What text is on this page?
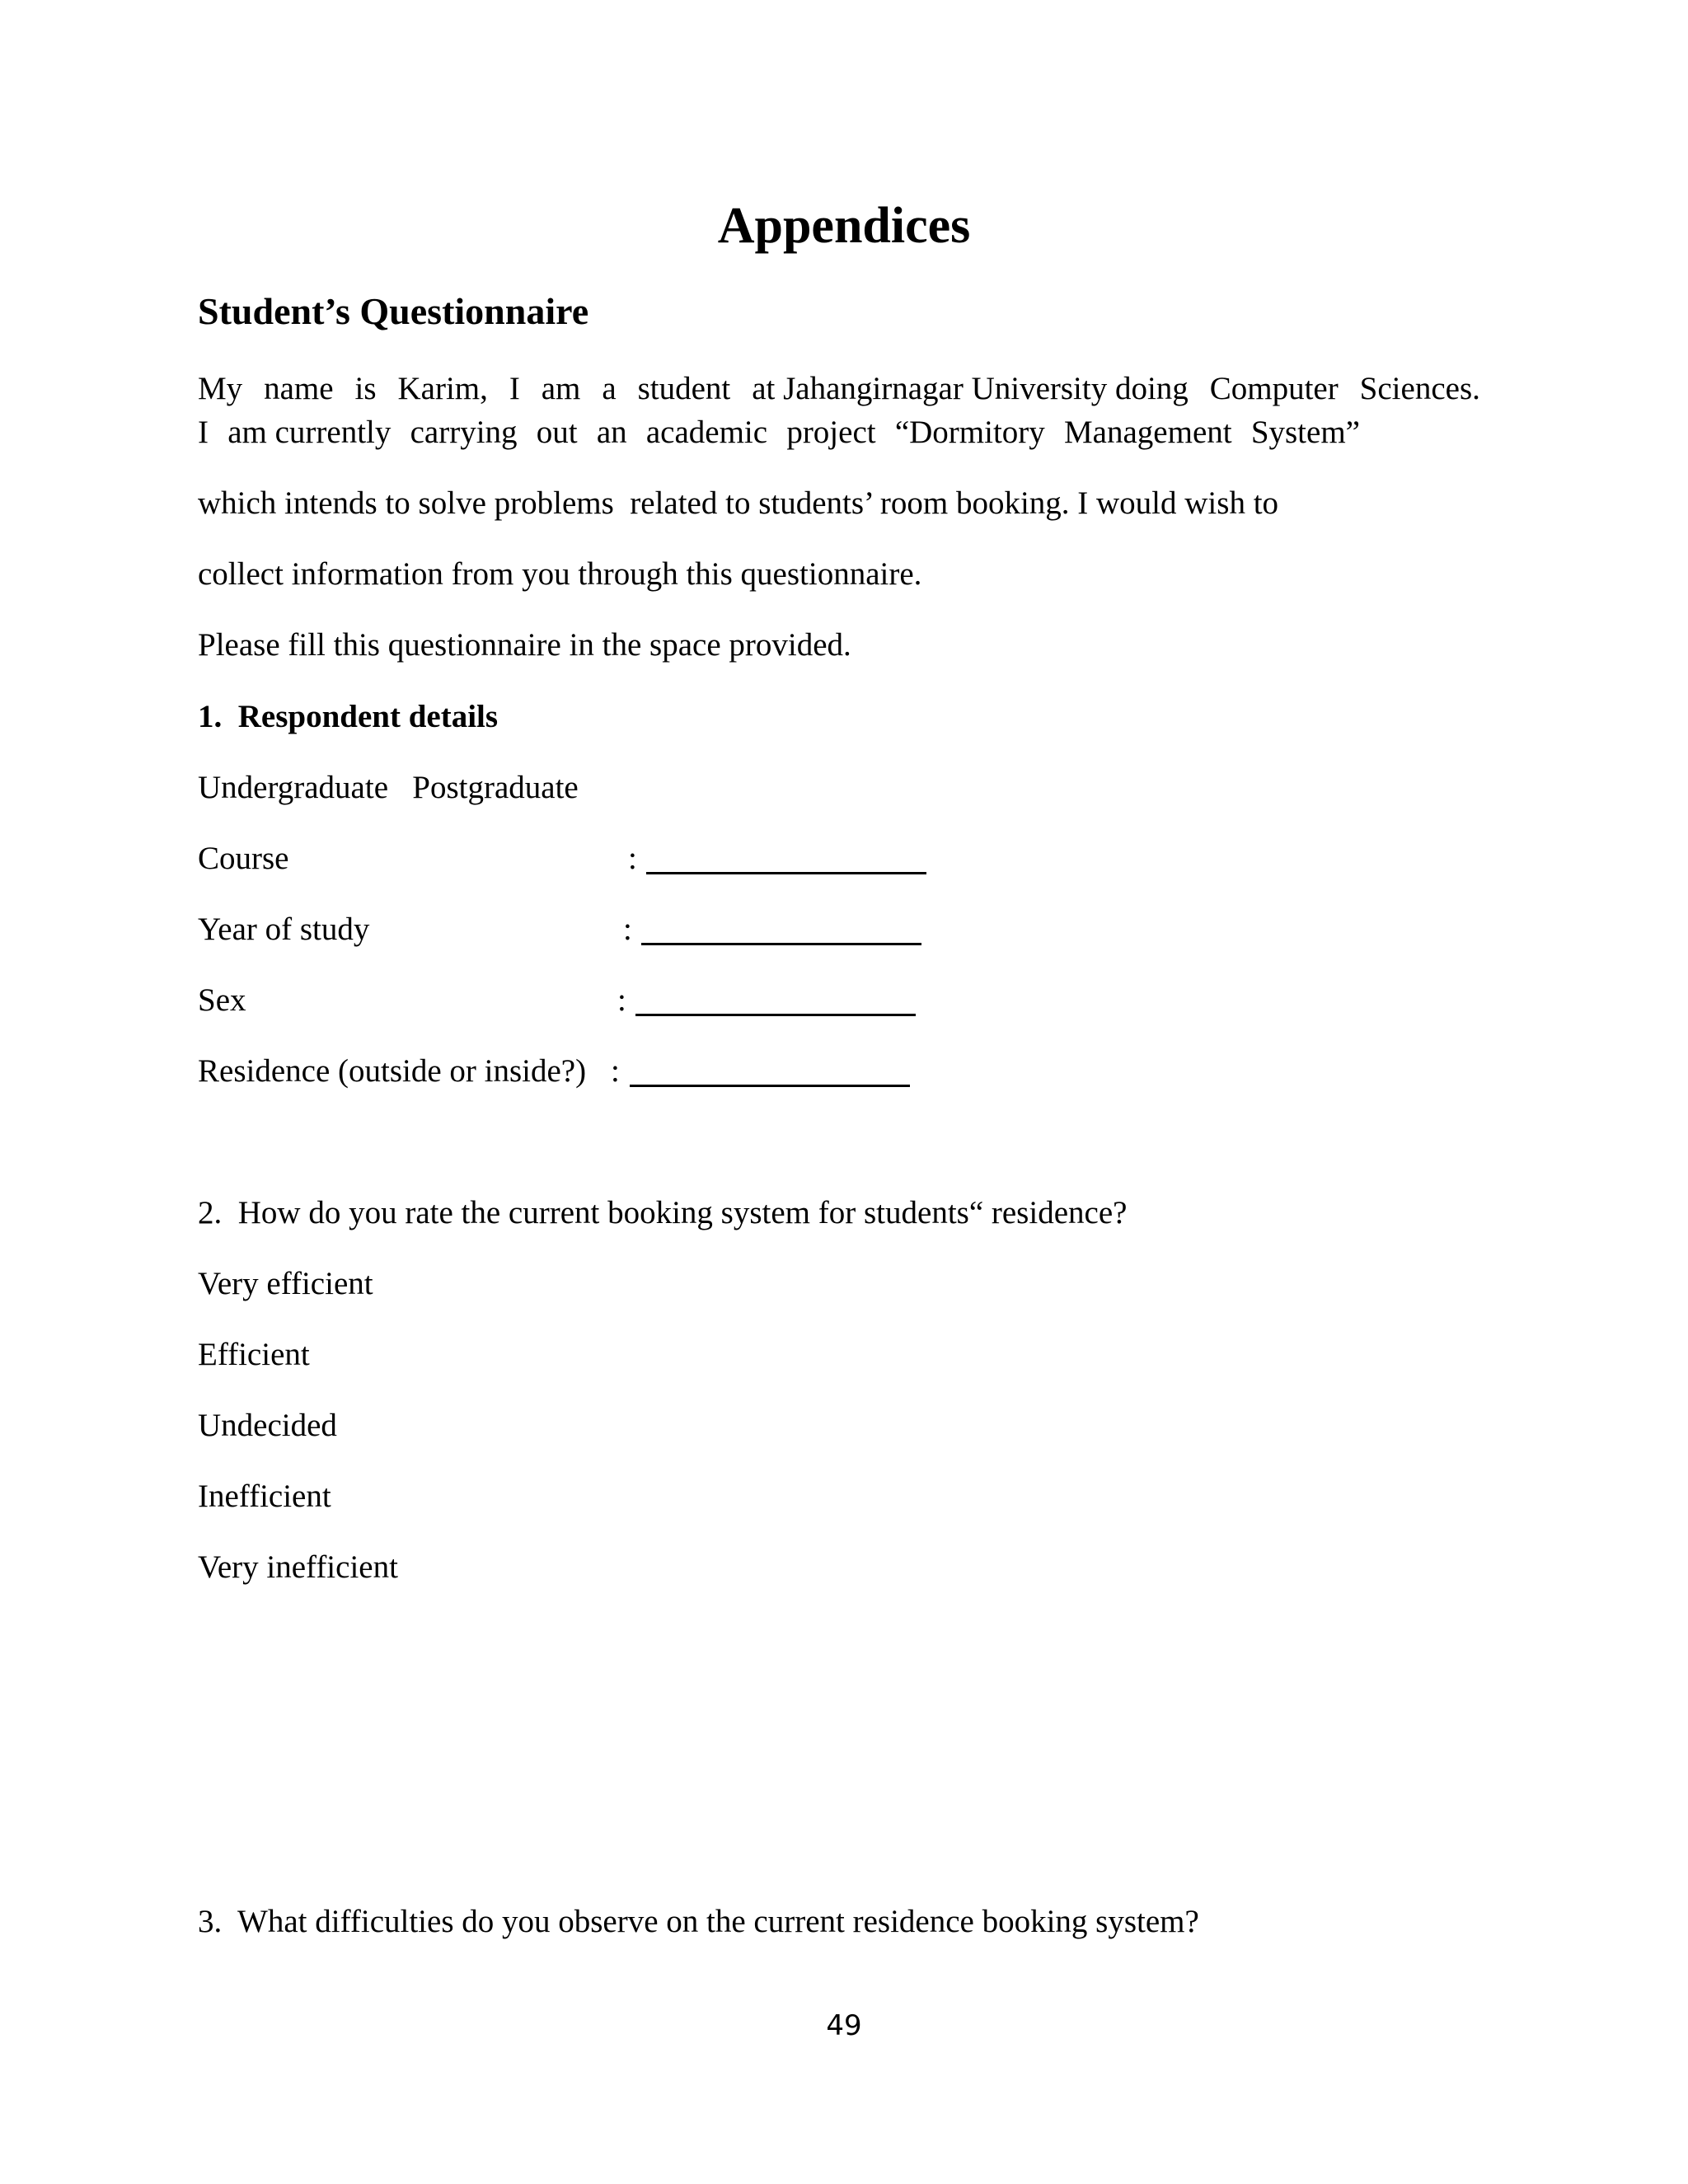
Appendices
Student’s Questionnaire
My name is Karim, I am a student at Jahangirnagar University doing Computer Sciences.
I am currently carrying out an academic project “Dormitory Management System”
which intends to solve problems  related to students’ room booking. I would wish to
collect information from you through this questionnaire.
Please fill this questionnaire in the space provided.
1.  Respondent details
Undergraduate   Postgraduate
Course	:
Year of study	:
Sex	:
Residence (outside or inside?) :
2.  How do you rate the current booking system for students“ residence?
Very efficient
Efficient
Undecided
Inefficient
Very inefficient
3.  What difficulties do you observe on the current residence booking system?
49
